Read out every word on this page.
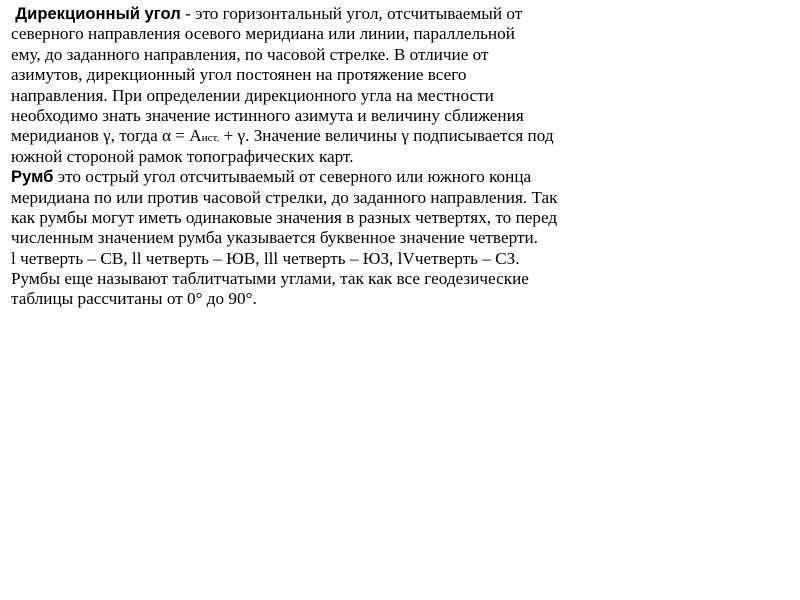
Дирекционный угол - это горизонтальный угол, отсчитываемый от
северного направления осевого меридиана или линии, параллельной
ему, до заданного направления, по часовой стрелке. В отличие от
азимутов, дирекционный угол постоянен на протяжение всего
направления. При определении дирекционного угла на местности
необходимо знать значение истинного азимута и величину сближения
меридианов γ, тогда α = Аист. + γ. Значение величины γ подписывается под
южной стороной рамок топографических карт.
Румб это острый угол отсчитываемый от северного или южного конца
меридиана по или против часовой стрелки, до заданного направления. Так
как румбы могут иметь одинаковые значения в разных четвертях, то перед
численным значением румба указывается буквенное значение четверти.
l четверть – СВ, ll четверть – ЮВ, lll четверть – ЮЗ, lVчетверть – СЗ.
Румбы еще называют таблитчатыми углами, так как все геодезические
таблицы рассчитаны от 0° до 90°.
